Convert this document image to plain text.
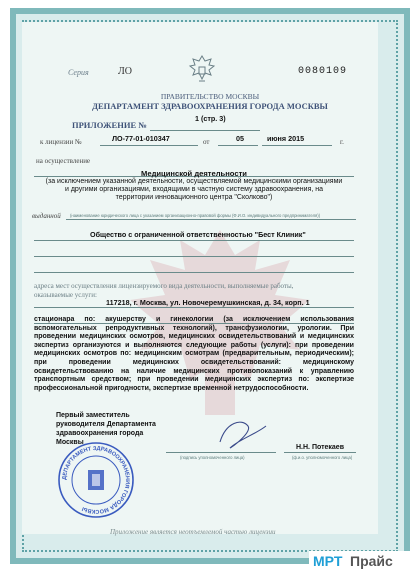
Серия	ЛО	0080109
ПРАВИТЕЛЬСТВО МОСКВЫ
ДЕПАРТАМЕНТ ЗДРАВООХРАНЕНИЯ ГОРОДА МОСКВЫ
ПРИЛОЖЕНИЕ №
1 (стр. 3)
к лицензии №	ЛО-77-01-010347	от	05	июня 2015	г.
на осуществление
Медицинской деятельности
(за исключением указанной деятельности, осуществляемой медицинскими организациями
и другими организациями, входящими в частную систему здравоохранения, на
территории инновационного центра "Сколково")
выданной (наименование юридического лица с указанием организационно-правовой формы (Ф.И.О. индивидуального предпринимателя))
Общество с ограниченной ответственностью "Бест Клиник"
адреса мест осуществления лицензируемого вида деятельности, выполняемые работы,
оказываемые услуги:
117218, г. Москва, ул. Новочеремушкинская, д. 34, корп. 1
стационара по: акушерству и гинекологии (за исключением использования вспомогательных репродуктивных технологий), трансфузиологии, урологии. При проведении медицинских осмотров, медицинских освидетельствований и медицинских экспертиз организуются и выполняются следующие работы (услуги): при проведении медицинских осмотров по: медицинским осмотрам (предварительным, периодическим); при проведении медицинских освидетельствований: медицинскому освидетельствованию на наличие медицинских противопоказаний к управлению транспортным средством; при проведении медицинских экспертиз по: экспертизе профессиональной пригодности, экспертизе временной нетрудоспособности.
Первый заместитель
руководителя Департамента
здравоохранения города
Москвы
Н.Н. Потекаев
(подпись уполномоченного лица)	(ф.и.о. уполномоченного лица)
ДЕПАРТАМЕНТ ЗДРАВООХРАНЕНИЯ ГОРОДА МОСКВЫ
Приложение является неотъемлемой частью лицензии
МРТ Прайс
